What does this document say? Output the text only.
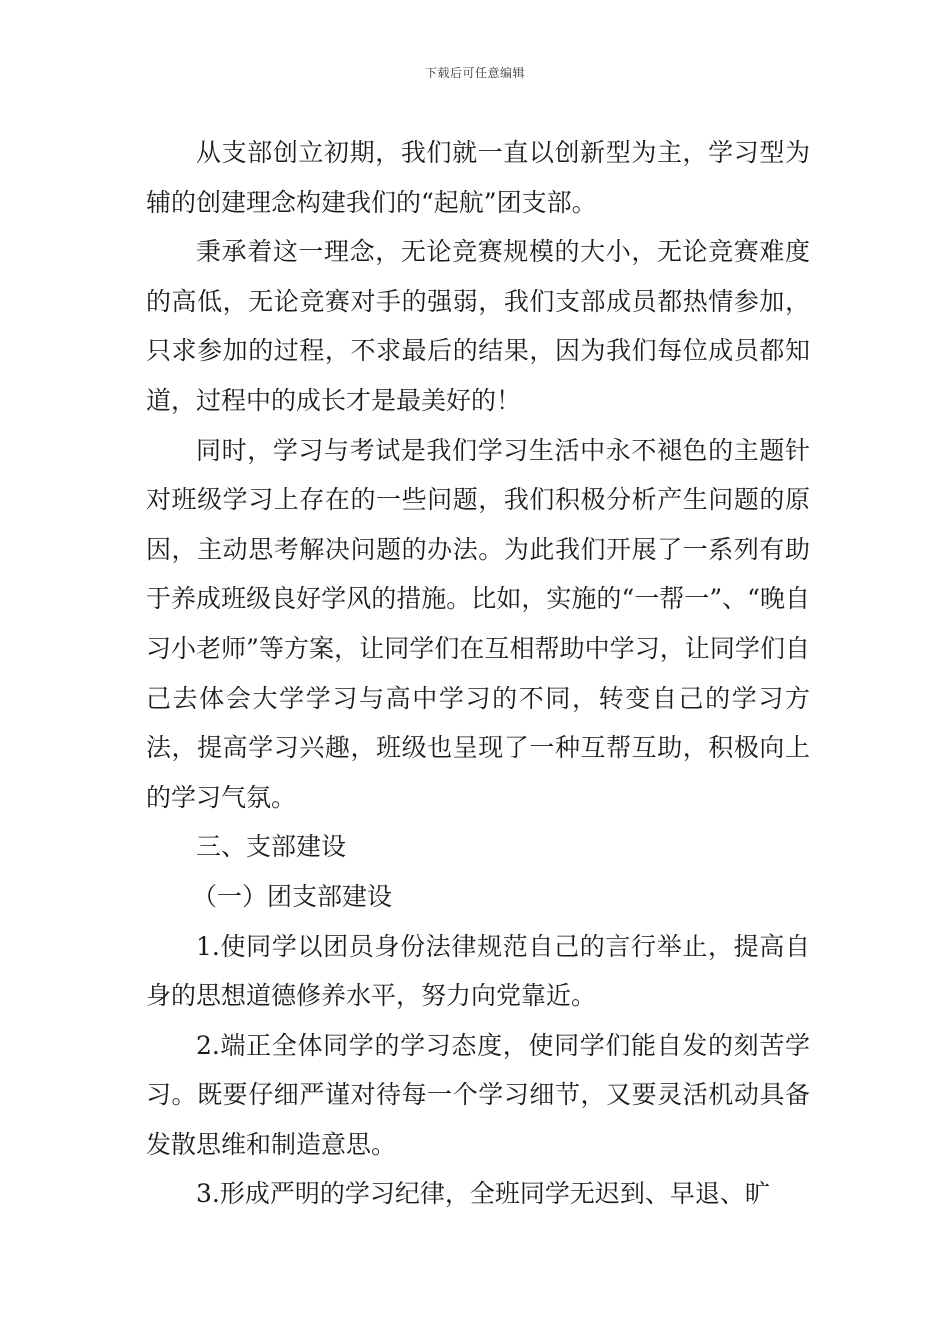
下载后可任意编辑

从支部创立初期，我们就一直以创新型为主，学习型为辅的创建理念构建我们的“起航”团支部。

秉承着这一理念，无论竞赛规模的大小，无论竞赛难度的高低，无论竞赛对手的强弱，我们支部成员都热情参加，只求参加的过程，不求最后的结果，因为我们每位成员都知道，过程中的成长才是最美好的！

同时，学习与考试是我们学习生活中永不褪色的主题针对班级学习上存在的一些问题，我们积极分析产生问题的原因，主动思考解决问题的办法。为此我们开展了一系列有助于养成班级良好学风的措施。比如，实施的“一帮一”、“晚自习小老师”等方案，让同学们在互相帮助中学习，让同学们自己去体会大学学习与高中学习的不同，转变自己的学习方法，提高学习兴趣，班级也呈现了一种互帮互助，积极向上的学习气氛。

三、支部建设

（一）团支部建设

1.使同学以团员身份法律规范自己的言行举止，提高自身的思想道德修养水平，努力向党靠近。

2.端正全体同学的学习态度，使同学们能自发的刻苦学习。既要仔细严谨对待每一个学习细节，又要灵活机动具备发散思维和制造意思。

3.形成严明的学习纪律，全班同学无迟到、早退、旷
